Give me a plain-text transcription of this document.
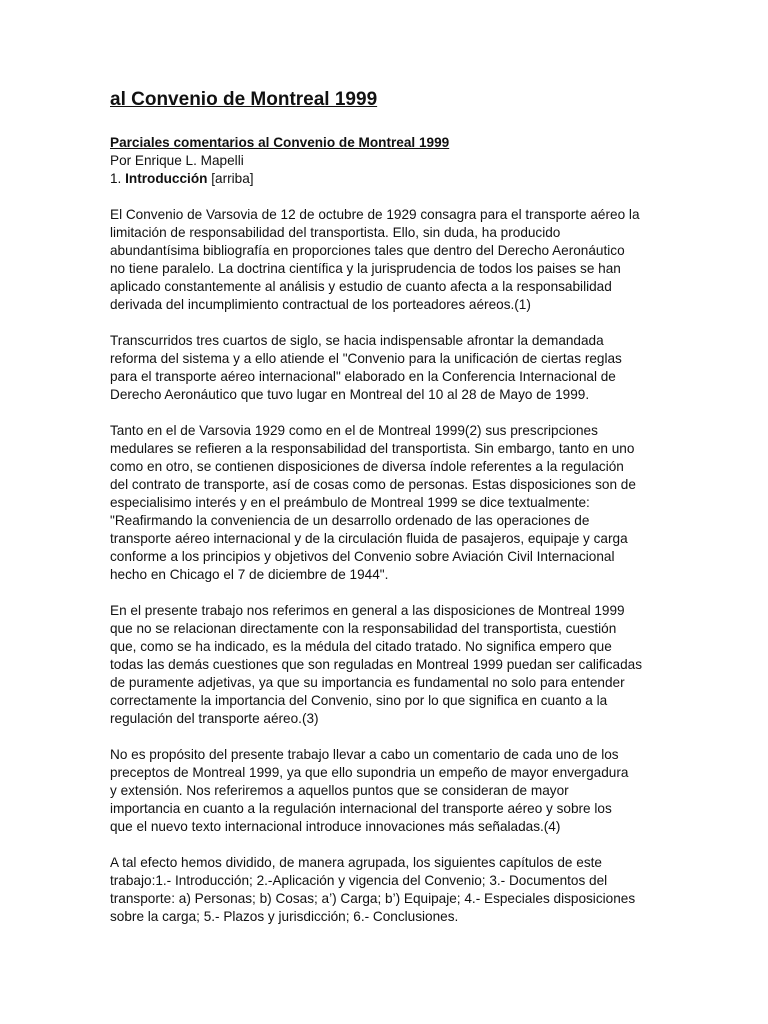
al Convenio de Montreal 1999
Parciales comentarios al Convenio de Montreal 1999
Por Enrique L. Mapelli
1. Introducción [arriba]

El Convenio de Varsovia de 12 de octubre de 1929 consagra para el transporte aéreo la
limitación de responsabilidad del transportista. Ello, sin duda, ha producido
abundantísima bibliografía en proporciones tales que dentro del Derecho Aeronáutico
no tiene paralelo. La doctrina científica y la jurisprudencia de todos los paises se han
aplicado constantemente al análisis y estudio de cuanto afecta a la responsabilidad
derivada del incumplimiento contractual de los porteadores aéreos.(1)

Transcurridos tres cuartos de siglo, se hacia indispensable afrontar la demandada
reforma del sistema y a ello atiende el "Convenio para la unificación de ciertas reglas
para el transporte aéreo internacional" elaborado en la Conferencia Internacional de
Derecho Aeronáutico que tuvo lugar en Montreal del 10 al 28 de Mayo de 1999.

Tanto en el de Varsovia 1929 como en el de Montreal 1999(2) sus prescripciones
medulares se refieren a la responsabilidad del transportista. Sin embargo, tanto en uno
como en otro, se contienen disposiciones de diversa índole referentes a la regulación
del contrato de transporte, así de cosas como de personas. Estas disposiciones son de
especialisimo interés y en el preámbulo de Montreal 1999 se dice textualmente:
"Reafirmando la conveniencia de un desarrollo ordenado de las operaciones de
transporte aéreo internacional y de la circulación fluida de pasajeros, equipaje y carga
conforme a los principios y objetivos del Convenio sobre Aviación Civil Internacional
hecho en Chicago el 7 de diciembre de 1944".

En el presente trabajo nos referimos en general a las disposiciones de Montreal 1999
que no se relacionan directamente con la responsabilidad del transportista, cuestión
que, como se ha indicado, es la médula del citado tratado. No significa empero que
todas las demás cuestiones que son reguladas en Montreal 1999 puedan ser calificadas
de puramente adjetivas, ya que su importancia es fundamental no solo para entender
correctamente la importancia del Convenio, sino por lo que significa en cuanto a la
regulación del transporte aéreo.(3)

No es propósito del presente trabajo llevar a cabo un comentario de cada uno de los
preceptos de Montreal 1999, ya que ello supondria un empeño de mayor envergadura
y extensión. Nos referiremos a aquellos puntos que se consideran de mayor
importancia en cuanto a la regulación internacional del transporte aéreo y sobre los
que el nuevo texto internacional introduce innovaciones más señaladas.(4)

A tal efecto hemos dividido, de manera agrupada, los siguientes capítulos de este
trabajo:1.- Introducción; 2.-Aplicación y vigencia del Convenio; 3.- Documentos del
transporte: a) Personas; b) Cosas; a’) Carga; b’) Equipaje; 4.- Especiales disposiciones
sobre la carga; 5.- Plazos y jurisdicción; 6.- Conclusiones.
